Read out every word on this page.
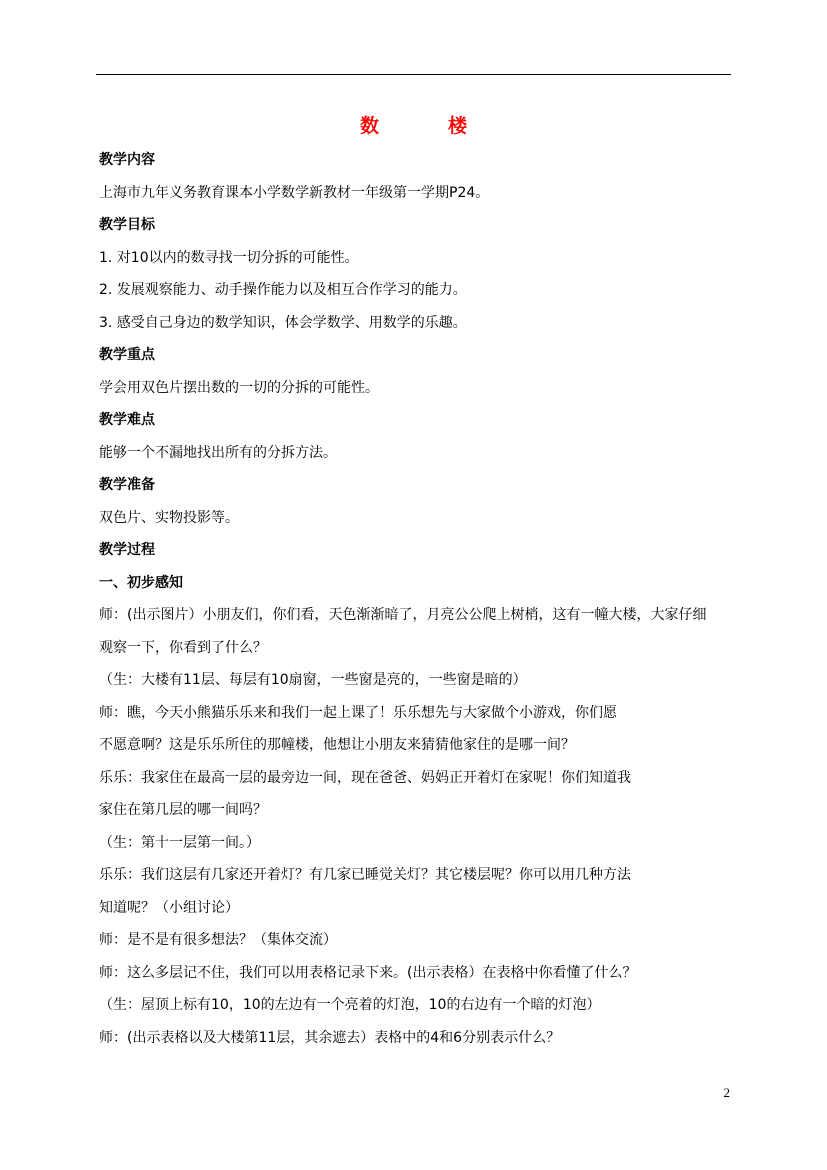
数　楼
教学内容
上海市九年义务教育课本小学数学新教材一年级第一学期P24。
教学目标
1. 对10以内的数寻找一切分拆的可能性。
2. 发展观察能力、动手操作能力以及相互合作学习的能力。
3. 感受自己身边的数学知识，体会学数学、用数学的乐趣。
教学重点
学会用双色片摆出数的一切的分拆的可能性。
教学难点
能够一个不漏地找出所有的分拆方法。
教学准备
双色片、实物投影等。
教学过程
一、初步感知
师：(出示图片）小朋友们，你们看，天色渐渐暗了，月亮公公爬上树梢，这有一幢大楼，大家仔细
观察一下，你看到了什么？
（生：大楼有11层、每层有10扇窗，一些窗是亮的，一些窗是暗的）
师：瞧，今天小熊猫乐乐来和我们一起上课了！乐乐想先与大家做个小游戏，你们愿
不愿意啊？这是乐乐所住的那幢楼，他想让小朋友来猜猜他家住的是哪一间？
乐乐：我家住在最高一层的最旁边一间，现在爸爸、妈妈正开着灯在家呢！你们知道我
家住在第几层的哪一间吗？
（生：第十一层第一间。）
乐乐：我们这层有几家还开着灯？有几家已睡觉关灯？其它楼层呢？你可以用几种方法
知道呢？（小组讨论）
师：是不是有很多想法？（集体交流）
师：这么多层记不住，我们可以用表格记录下来。(出示表格）在表格中你看懂了什么？
（生：屋顶上标有10，10的左边有一个亮着的灯泡，10的右边有一个暗的灯泡）
师：(出示表格以及大楼第11层，其余遮去）表格中的4和6分别表示什么？
2
